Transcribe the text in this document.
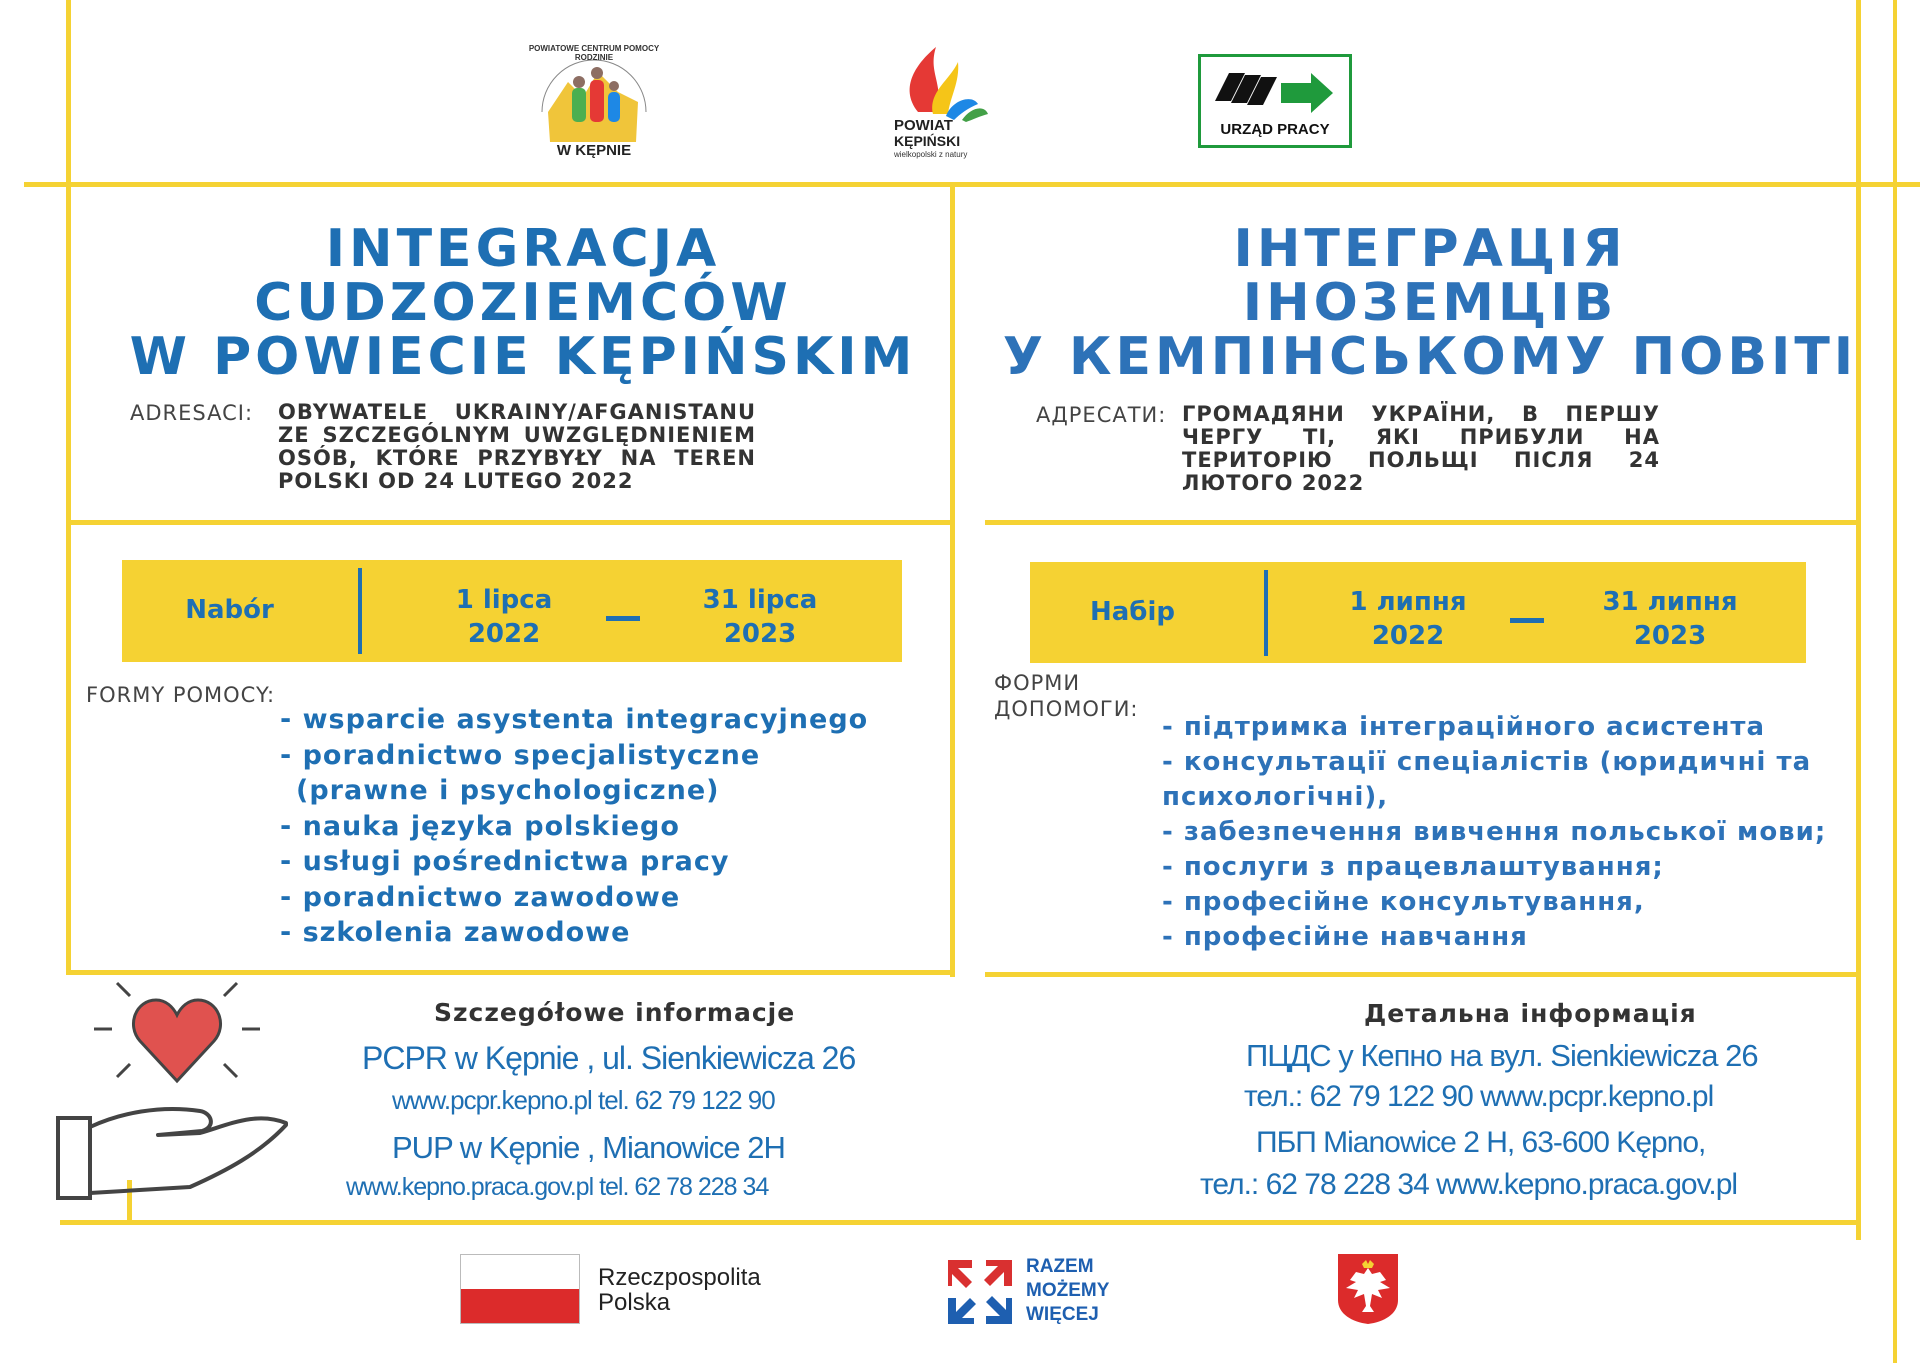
POWIATOWE CENTRUM POMOCY RODZINIE
W KĘPNIE
POWIAT
KĘPIŃSKI
wielkopolski z natury
URZĄD PRACY
INTEGRACJA
CUDZOZIEMCÓW
W POWIECIE KĘPIŃSKIM
ADRESACI: OBYWATELE UKRAINY/AFGANISTANU ZE SZCZEGÓLNYM UWZGLĘDNIENIEM OSÓB, KTÓRE PRZYBYŁY NA TEREN POLSKI OD 24 LUTEGO 2022
Nabór	1 lipca
2022
31 lipca
2023
FORMY POMOCY:
- wsparcie asystenta integracyjnego
- poradnictwo specjalistyczne
(prawne i psychologiczne)
- nauka języka polskiego
- usługi pośrednictwa pracy
- poradnictwo zawodowe
- szkolenia zawodowe
Szczegółowe informacje
PCPR w Kępnie , ul. Sienkiewicza 26
www.pcpr.kepno.pl tel. 62 79 122 90
PUP w Kępnie , Mianowice 2H
www.kepno.praca.gov.pl tel. 62 78 228 34
ІНТЕГРАЦІЯ
ІНОЗЕМЦІВ
У КЕМПІНСЬКОМУ ПОВІТІ
АДРЕСАТИ: ГРОМАДЯНИ УКРАЇНИ, В ПЕРШУ ЧЕРГУ ТІ, ЯКІ ПРИБУЛИ НА ТЕРИТОРІЮ ПОЛЬЩІ ПІСЛЯ 24 ЛЮТОГО 2022
Набір	1 липня
2022
31 липня
2023
ФОРМИ
ДОПОМОГИ:
- підтримка інтеграційного асистента
- консультації спеціалістів (юридичні та
психологічні),
- забезпечення вивчення польської мови;
- послуги з працевлаштування;
- професійне консультування,
- професійне навчання
Детальна інформація
ПЦДС у Кепно на вул. Sienkiewicza 26
тел.: 62 79 122 90 www.pcpr.kepno.pl
ПБП Mianowice 2 H, 63-600 Kępno,
тел.: 62 78 228 34 www.kepno.praca.gov.pl
Rzeczpospolita
Polska
RAZEM
MOŻEMY
WIĘCEJ
